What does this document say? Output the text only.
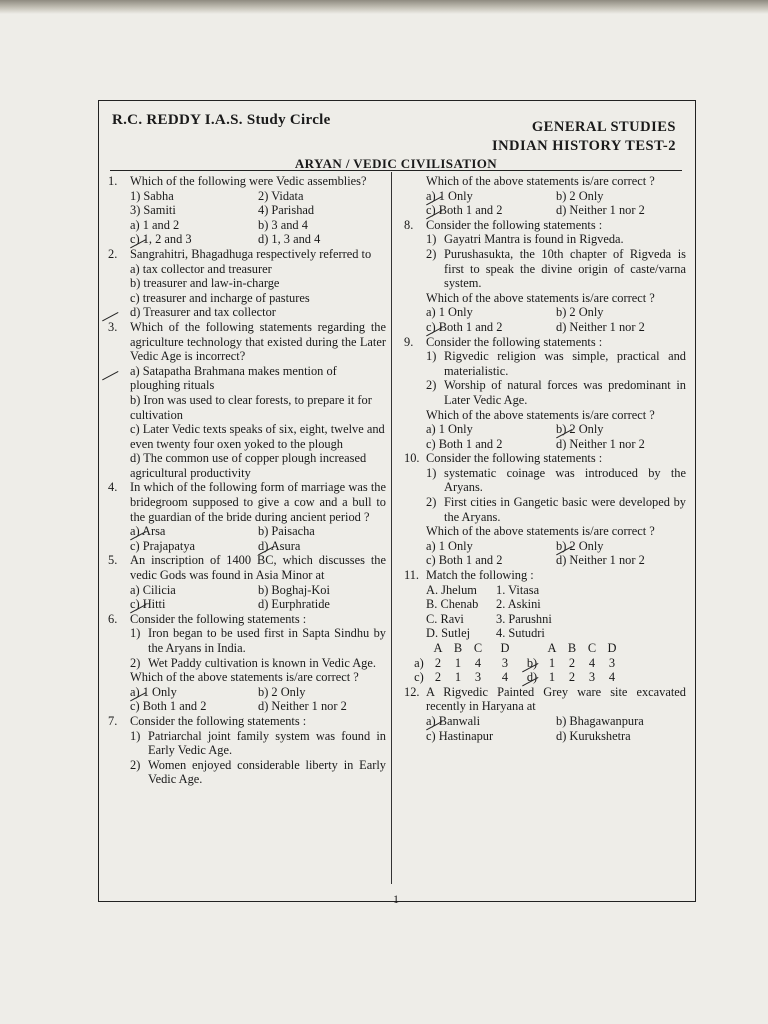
R.C. REDDY I.A.S. Study Circle	GENERAL STUDIES
INDIAN HISTORY TEST-2
ARYAN / VEDIC CIVILISATION
1.	Which of the following were Vedic assemblies?
1) Sabha	2) Vidata
3) Samiti	4) Parishad
a) 1 and 2	b) 3 and 4
c) 1, 2 and 3	d) 1, 3 and 4
2.	Sangrahitri, Bhagadhuga respectively referred to
a) tax collector and treasurer
b) treasurer and law-in-charge
c) treasurer and incharge of pastures
d) Treasurer and tax collector
3.	Which of the following statements regarding the agriculture technology that existed during the Later Vedic Age is incorrect?
a) Satapatha Brahmana makes mention of ploughing rituals
b) Iron was used to clear forests, to prepare it for cultivation
c) Later Vedic texts speaks of six, eight, twelve and even twenty four oxen yoked to the plough
d) The common use of copper plough increased agricultural productivity
4.	In which of the following form of marriage was the bridegroom supposed to give a cow and a bull to the guardian of the bride during ancient period ?
a) Arsa	b) Paisacha
c) Prajapatya	d) Asura
5.	An inscription of 1400 BC, which discusses the vedic Gods was found in Asia Minor at
a) Cilicia	b) Boghaj-Koi
c) Hitti	d) Eurphratide
6.	Consider the following statements :
1) Iron began to be used first in Sapta Sindhu by the Aryans in India.
2) Wet Paddy cultivation is known in Vedic Age.
Which of the above statements is/are correct ?
a) 1 Only	b) 2 Only
c) Both 1 and 2	d) Neither 1 nor 2
7.	Consider the following statements :
1) Patriarchal joint family system was found in Early Vedic Age.
2) Women enjoyed considerable liberty in Early Vedic Age.
Which of the above statements is/are correct ?
a) 1 Only	b) 2 Only
c) Both 1 and 2	d) Neither 1 nor 2
8.	Consider the following statements :
1) Gayatri Mantra is found in Rigveda.
2) Purushasukta, the 10th chapter of Rigveda is first to speak the divine origin of caste/varna system.
Which of the above statements is/are correct ?
a) 1 Only	b) 2 Only
c) Both 1 and 2	d) Neither 1 nor 2
9.	Consider the following statements :
1) Rigvedic religion was simple, practical and materialistic.
2) Worship of natural forces was predominant in Later Vedic Age.
Which of the above statements is/are correct ?
a) 1 Only	b) 2 Only
c) Both 1 and 2	d) Neither 1 nor 2
10. Consider the following statements :
1) systematic coinage was introduced by the Aryans.
2) First cities in Gangetic basic were developed by the Aryans.
Which of the above statements is/are correct ?
a) 1 Only	b) 2 Only
c) Both 1 and 2	d) Neither 1 nor 2
11. Match the following :
A. Jhelum	1. Vitasa
B. Chenab	2. Askini
C. Ravi	3. Parushni
D. Sutlej	4. Sutudri
A B C	D	A B C D
a) 2	1	4	3	b) 1	2	4	3
c) 2	1	3	4	d) 1	2	3	4
12. A Rigvedic Painted Grey ware site excavated recently in Haryana at
a) Banwali	b) Bhagawanpura
c) Hastinapur	d) Kurukshetra
1
